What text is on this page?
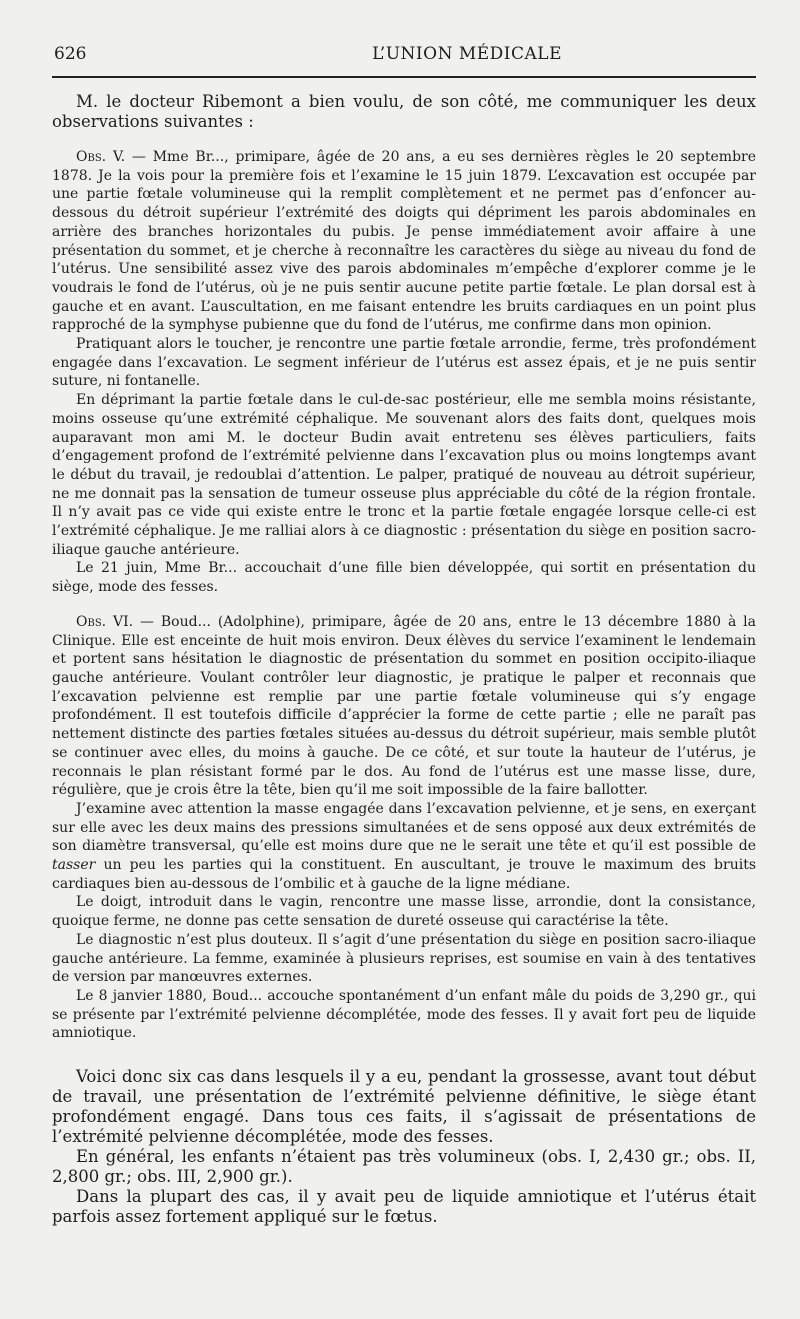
626	L’UNION MÉDICALE

M. le docteur Ribemont a bien voulu, de son côté, me communiquer les deux observations suivantes :

Obs. V. — Mme Br..., primipare, âgée de 20 ans, a eu ses dernières règles le 20 septembre 1878. Je la vois pour la première fois et l’examine le 15 juin 1879. L’excavation est occupée par une partie fœtale volumineuse qui la remplit complètement et ne permet pas d’enfoncer au-dessous du détroit supérieur l’extrémité des doigts qui dépriment les parois abdominales en arrière des branches horizontales du pubis. Je pense immédiatement avoir affaire à une présentation du sommet, et je cherche à reconnaître les caractères du siège au niveau du fond de l’utérus. Une sensibilité assez vive des parois abdominales m’empêche d’explorer comme je le voudrais le fond de l’utérus, où je ne puis sentir aucune petite partie fœtale. Le plan dorsal est à gauche et en avant. L’auscultation, en me faisant entendre les bruits cardiaques en un point plus rapproché de la symphyse pubienne que du fond de l’utérus, me confirme dans mon opinion.

Pratiquant alors le toucher, je rencontre une partie fœtale arrondie, ferme, très profondément engagée dans l’excavation. Le segment inférieur de l’utérus est assez épais, et je ne puis sentir suture, ni fontanelle.

En déprimant la partie fœtale dans le cul-de-sac postérieur, elle me sembla moins résistante, moins osseuse qu’une extrémité céphalique. Me souvenant alors des faits dont, quelques mois auparavant mon ami M. le docteur Budin avait entretenu ses élèves particuliers, faits d’engagement profond de l’extrémité pelvienne dans l’excavation plus ou moins longtemps avant le début du travail, je redoublai d’attention. Le palper, pratiqué de nouveau au détroit supérieur, ne me donnait pas la sensation de tumeur osseuse plus appréciable du côté de la région frontale. Il n’y avait pas ce vide qui existe entre le tronc et la partie fœtale engagée lorsque celle-ci est l’extrémité céphalique. Je me ralliai alors à ce diagnostic : présentation du siège en position sacro-iliaque gauche antérieure.

Le 21 juin, Mme Br... accouchait d’une fille bien développée, qui sortit en présentation du siège, mode des fesses.

Obs. VI. — Boud... (Adolphine), primipare, âgée de 20 ans, entre le 13 décembre 1880 à la Clinique. Elle est enceinte de huit mois environ. Deux élèves du service l’examinent le lendemain et portent sans hésitation le diagnostic de présentation du sommet en position occipito-iliaque gauche antérieure. Voulant contrôler leur diagnostic, je pratique le palper et reconnais que l’excavation pelvienne est remplie par une partie fœtale volumineuse qui s’y engage profondément. Il est toutefois difficile d’apprécier la forme de cette partie ; elle ne paraît pas nettement distincte des parties fœtales situées au-dessus du détroit supérieur, mais semble plutôt se continuer avec elles, du moins à gauche. De ce côté, et sur toute la hauteur de l’utérus, je reconnais le plan résistant formé par le dos. Au fond de l’utérus est une masse lisse, dure, régulière, que je crois être la tête, bien qu’il me soit impossible de la faire ballotter.

J’examine avec attention la masse engagée dans l’excavation pelvienne, et je sens, en exerçant sur elle avec les deux mains des pressions simultanées et de sens opposé aux deux extrémités de son diamètre transversal, qu’elle est moins dure que ne le serait une tête et qu’il est possible de tasser un peu les parties qui la constituent. En auscultant, je trouve le maximum des bruits cardiaques bien au-dessous de l’ombilic et à gauche de la ligne médiane.

Le doigt, introduit dans le vagin, rencontre une masse lisse, arrondie, dont la consistance, quoique ferme, ne donne pas cette sensation de dureté osseuse qui caractérise la tête.

Le diagnostic n’est plus douteux. Il s’agit d’une présentation du siège en position sacro-iliaque gauche antérieure. La femme, examinée à plusieurs reprises, est soumise en vain à des tentatives de version par manœuvres externes.

Le 8 janvier 1880, Boud... accouche spontanément d’un enfant mâle du poids de 3,290 gr., qui se présente par l’extrémité pelvienne décomplétée, mode des fesses. Il y avait fort peu de liquide amniotique.

Voici donc six cas dans lesquels il y a eu, pendant la grossesse, avant tout début de travail, une présentation de l’extrémité pelvienne définitive, le siège étant profondément engagé. Dans tous ces faits, il s’agissait de présentations de l’extrémité pelvienne décomplétée, mode des fesses.

En général, les enfants n’étaient pas très volumineux (obs. I, 2,430 gr.; obs. II, 2,800 gr.; obs. III, 2,900 gr.).

Dans la plupart des cas, il y avait peu de liquide amniotique et l’utérus était parfois assez fortement appliqué sur le fœtus.
